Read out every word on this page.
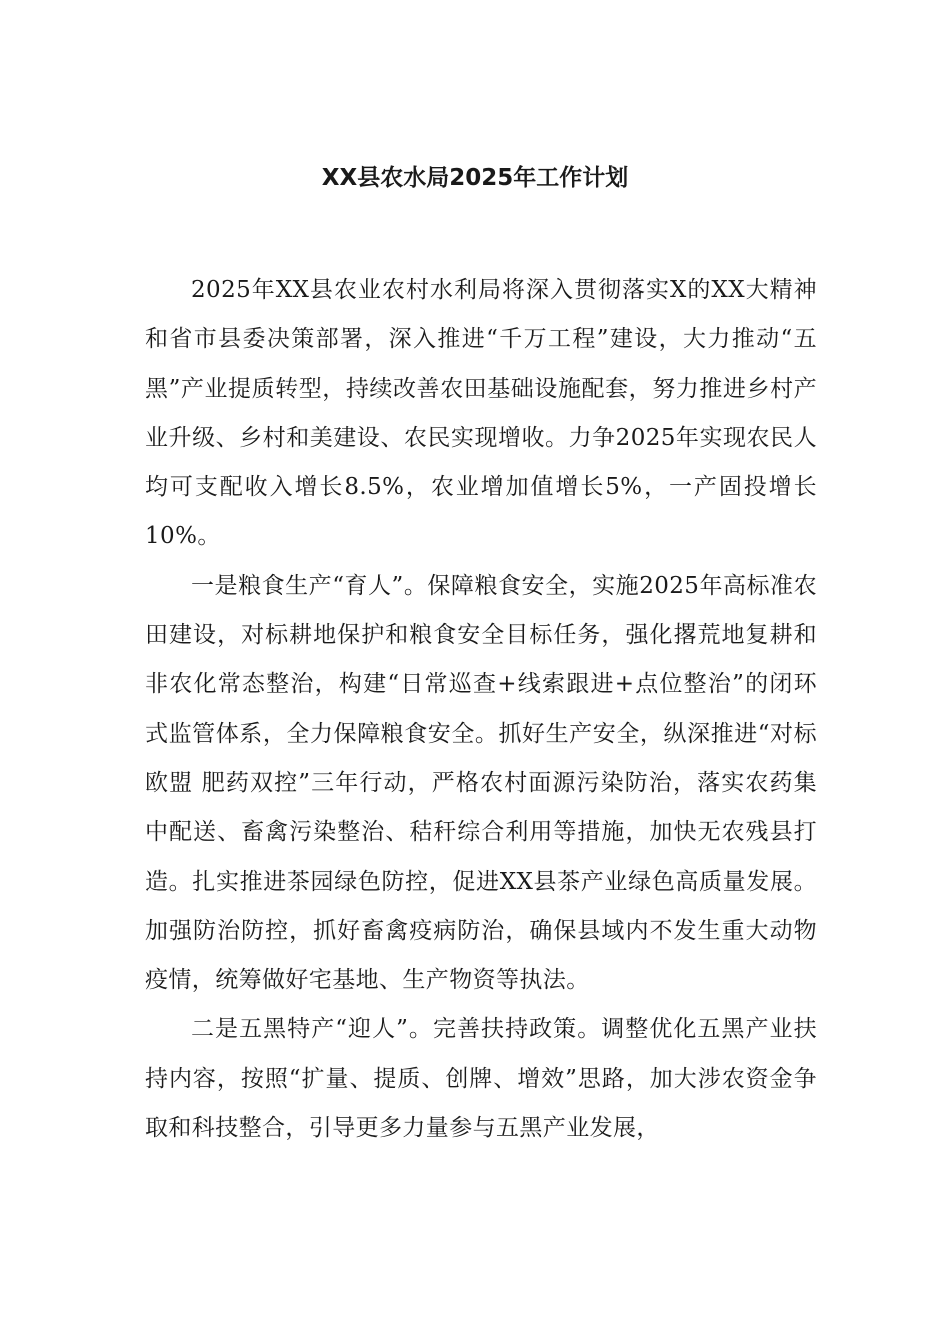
XX县农水局2025年工作计划

2025年XX县农业农村水利局将深入贯彻落实X的XX大精神和省市县委决策部署，深入推进“千万工程”建设，大力推动“五黑”产业提质转型，持续改善农田基础设施配套，努力推进乡村产业升级、乡村和美建设、农民实现增收。力争2025年实现农民人均可支配收入增长8.5%，农业增加值增长5%，一产固投增长10%。

一是粮食生产“育人”。保障粮食安全，实施2025年高标准农田建设，对标耕地保护和粮食安全目标任务，强化撂荒地复耕和非农化常态整治，构建“日常巡查+线索跟进+点位整治”的闭环式监管体系，全力保障粮食安全。抓好生产安全，纵深推进“对标欧盟 肥药双控”三年行动，严格农村面源污染防治，落实农药集中配送、畜禽污染整治、秸秆综合利用等措施，加快无农残县打造。扎实推进茶园绿色防控，促进XX县茶产业绿色高质量发展。加强防治防控，抓好畜禽疫病防治，确保县域内不发生重大动物疫情，统筹做好宅基地、生产物资等执法。

二是五黑特产“迎人”。完善扶持政策。调整优化五黑产业扶持内容，按照“扩量、提质、创牌、增效”思路，加大涉农资金争取和科技整合，引导更多力量参与五黑产业发展，
